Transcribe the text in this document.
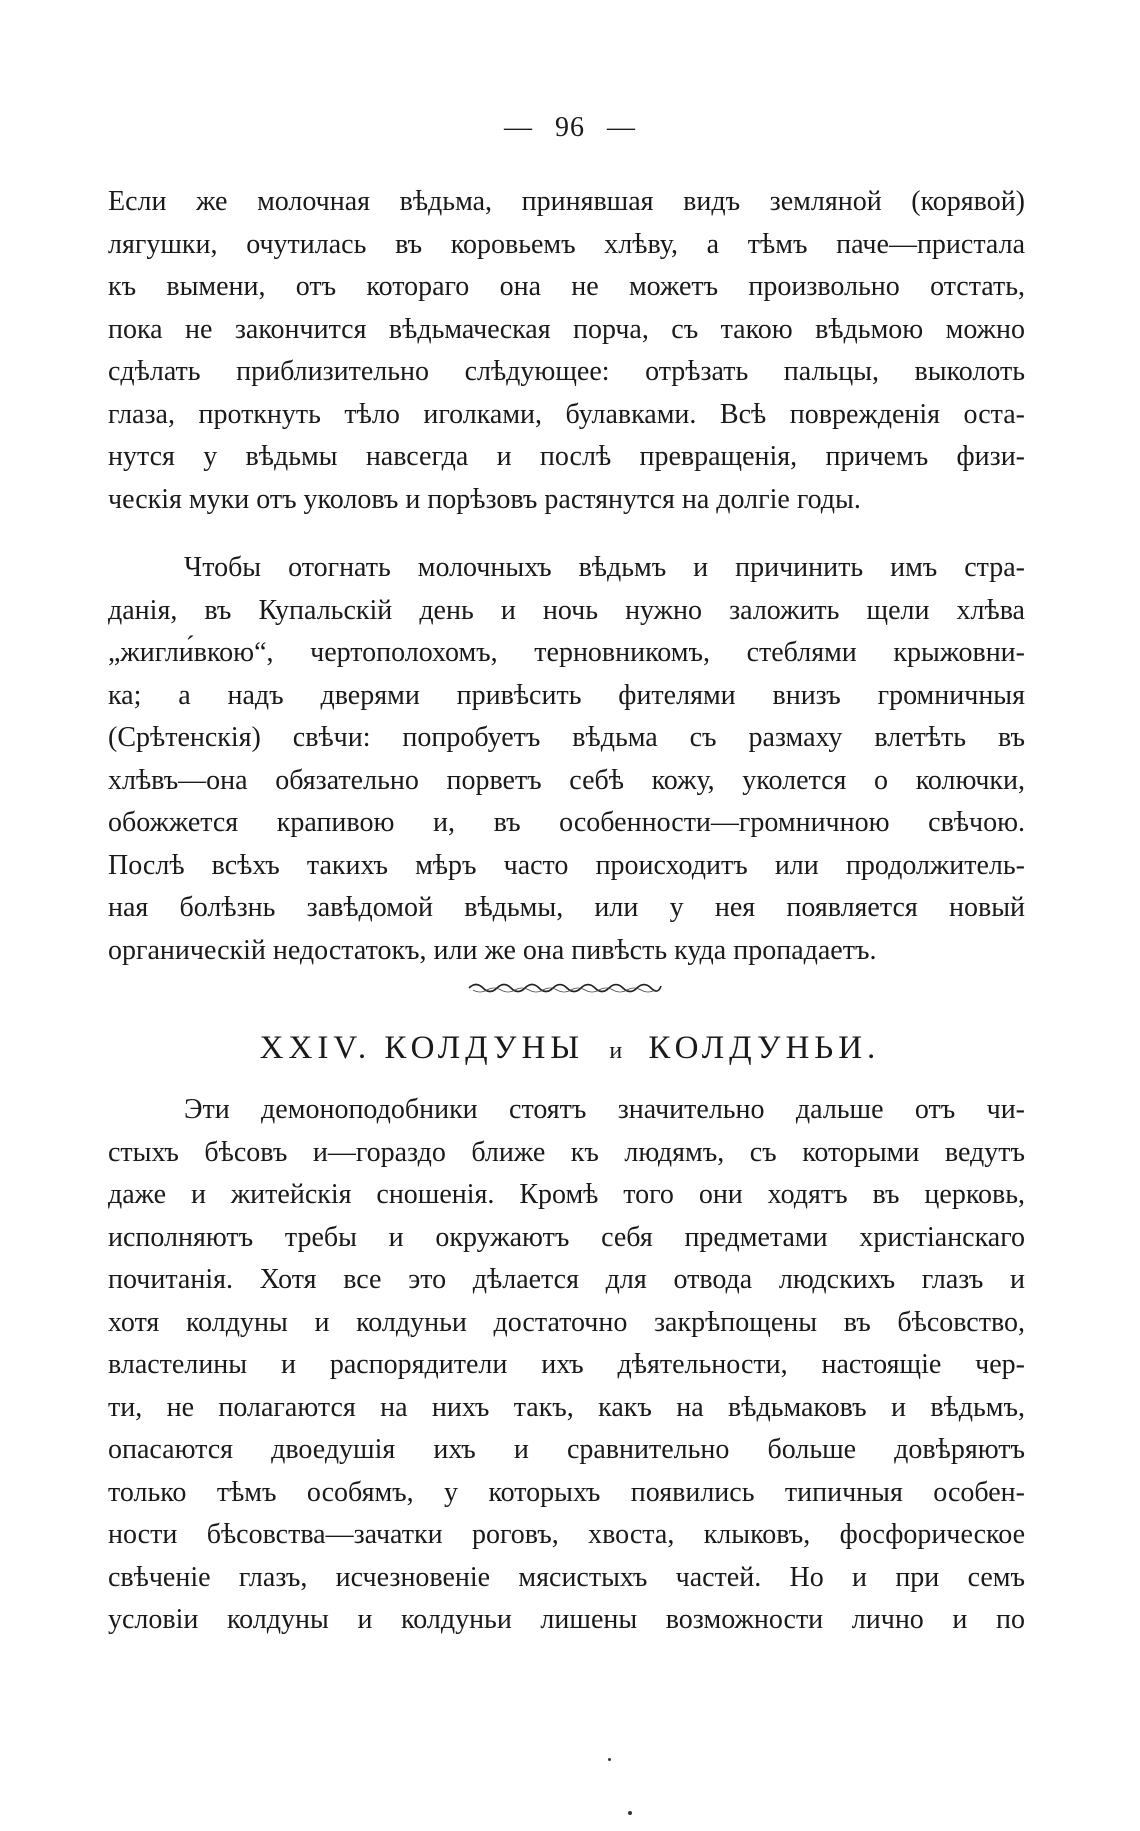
— 96 —
Если же молочная вѣдьма, принявшая видъ земляной (корявой)
лягушки, очутилась въ коровьемъ хлѣву, а тѣмъ паче—пристала
къ вымени, отъ котораго она не можетъ произвольно отстать,
пока не закончится вѣдьмачеcкая порча, съ такою вѣдьмою можно
сдѣлать приблизительно слѣдующее: отрѣзать пальцы, выколоть
глаза, проткнуть тѣло иголками, булавками. Всѣ поврежденія оста-
нутся у вѣдьмы навсегда и послѣ превращенія, причемъ физи-
ческія муки отъ уколовъ и порѣзовъ растянутся на долгіе годы.
Чтобы отогнать молочныхъ вѣдьмъ и причинить имъ стра-
данія, въ Купальскій день и ночь нужно заложить щели хлѣва
„жигли́вкою“, чертополохомъ, терновникомъ, стеблями крыжовни-
ка; а надъ дверями привѣсить фителями внизъ громничныя
(Срѣтенскія) свѣчи: попробуетъ вѣдьма съ размаху влетѣть въ
хлѣвъ—она обязательно порветъ себѣ кожу, уколется о колючки,
обожжется крапивою и, въ особенности—громничною свѣчою.
Послѣ всѣхъ такихъ мѣръ часто происходитъ или продолжитель-
ная болѣзнь завѣдомой вѣдьмы, или у нея появляется новый
органическій недостатокъ, или же она пивѣсть куда пропадаетъ.
XXIV. КОЛДУНЫ и КОЛДУНЬИ.
Эти демоноподобники стоятъ значительно дальше отъ чи-
стыхъ бѣсовъ и—гораздо ближе къ людямъ, съ которыми ведутъ
даже и житейскія сношенія. Кромѣ того они ходятъ въ церковь,
исполняютъ требы и окружаютъ себя предметами христіанскаго
почитанія. Хотя все это дѣлается для отвода людскихъ глазъ и
хотя колдуны и колдуньи достаточно закрѣпощены въ бѣсовство,
властелины и распорядители ихъ дѣятельности, настоящіе чер-
ти, не полагаются на нихъ такъ, какъ на вѣдьмаковъ и вѣдьмъ,
опасаются двоедушія ихъ и сравнительно больше довѣряютъ
только тѣмъ особямъ, у которыхъ появились типичныя особен-
ности бѣсовства—зачатки роговъ, хвоста, клыковъ, фосфорическое
свѣченіе глазъ, исчезновеніе мясистыхъ частей. Но и при семъ
условіи колдуны и колдуньи лишены возможности лично и по
